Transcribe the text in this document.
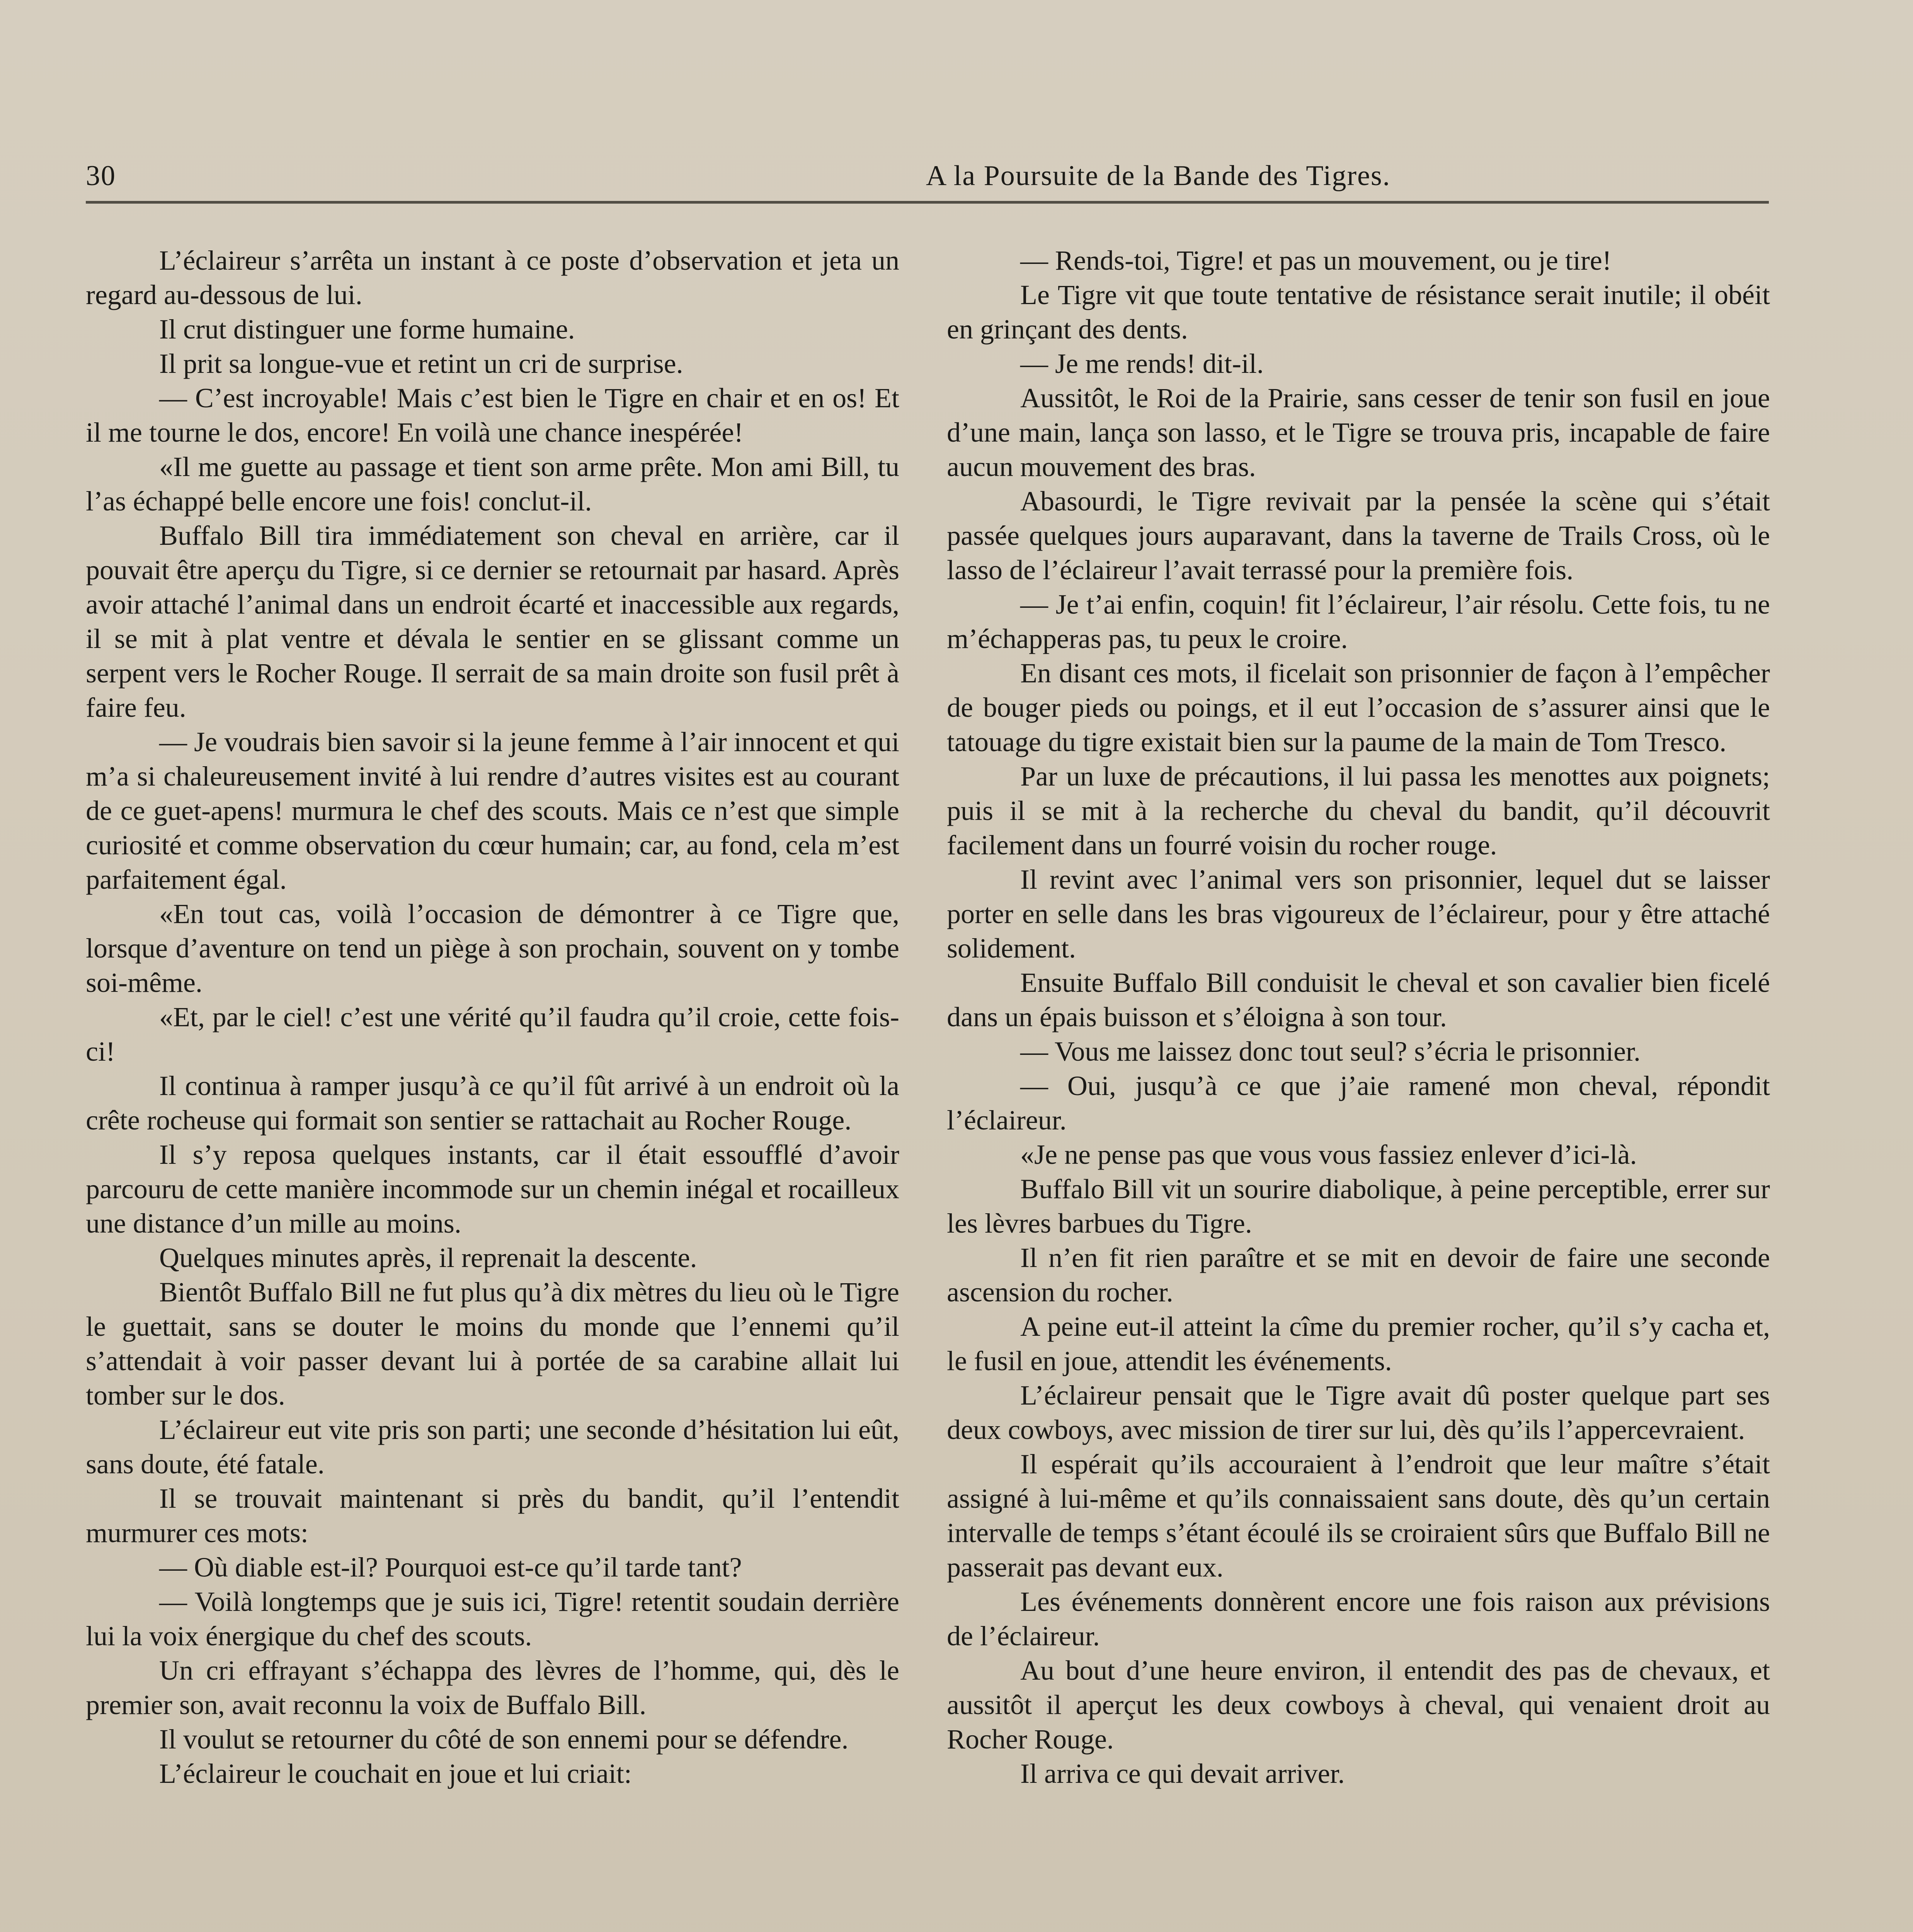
30	A la Poursuite de la Bande des Tigres.

L’éclaireur s’arrêta un instant à ce poste d’observation et jeta un regard au-dessous de lui.

Il crut distinguer une forme humaine.

Il prit sa longue-vue et retint un cri de surprise.

— C’est incroyable! Mais c’est bien le Tigre en chair et en os! Et il me tourne le dos, encore! En voilà une chance inespérée!

«Il me guette au passage et tient son arme prête. Mon ami Bill, tu l’as échappé belle encore une fois! conclut-il.

Buffalo Bill tira immédiatement son cheval en arrière, car il pouvait être aperçu du Tigre, si ce dernier se retournait par hasard. Après avoir attaché l’animal dans un endroit écarté et inaccessible aux regards, il se mit à plat ventre et dévala le sentier en se glissant comme un serpent vers le Rocher Rouge. Il serrait de sa main droite son fusil prêt à faire feu.

— Je voudrais bien savoir si la jeune femme à l’air innocent et qui m’a si chaleureusement invité à lui rendre d’autres visites est au courant de ce guet-apens! murmura le chef des scouts. Mais ce n’est que simple curiosité et comme observation du cœur humain; car, au fond, cela m’est parfaitement égal.

«En tout cas, voilà l’occasion de démontrer à ce Tigre que, lorsque d’aventure on tend un piège à son prochain, souvent on y tombe soi-même.

«Et, par le ciel! c’est une vérité qu’il faudra qu’il croie, cette fois-ci!

Il continua à ramper jusqu’à ce qu’il fût arrivé à un endroit où la crête rocheuse qui formait son sentier se rattachait au Rocher Rouge.

Il s’y reposa quelques instants, car il était essoufflé d’avoir parcouru de cette manière incommode sur un chemin inégal et rocailleux une distance d’un mille au moins.

Quelques minutes après, il reprenait la descente.

Bientôt Buffalo Bill ne fut plus qu’à dix mètres du lieu où le Tigre le guettait, sans se douter le moins du monde que l’ennemi qu’il s’attendait à voir passer devant lui à portée de sa carabine allait lui tomber sur le dos.

L’éclaireur eut vite pris son parti; une seconde d’hésitation lui eût, sans doute, été fatale.

Il se trouvait maintenant si près du bandit, qu’il l’entendit murmurer ces mots:

— Où diable est-il? Pourquoi est-ce qu’il tarde tant?

— Voilà longtemps que je suis ici, Tigre! retentit soudain derrière lui la voix énergique du chef des scouts.

Un cri effrayant s’échappa des lèvres de l’homme, qui, dès le premier son, avait reconnu la voix de Buffalo Bill.

Il voulut se retourner du côté de son ennemi pour se défendre.

L’éclaireur le couchait en joue et lui criait:

— Rends-toi, Tigre! et pas un mouvement, ou je tire!

Le Tigre vit que toute tentative de résistance serait inutile; il obéit en grinçant des dents.

— Je me rends! dit-il.

Aussitôt, le Roi de la Prairie, sans cesser de tenir son fusil en joue d’une main, lança son lasso, et le Tigre se trouva pris, incapable de faire aucun mouvement des bras.

Abasourdi, le Tigre revivait par la pensée la scène qui s’était passée quelques jours auparavant, dans la taverne de Trails Cross, où le lasso de l’éclaireur l’avait terrassé pour la première fois.

— Je t’ai enfin, coquin! fit l’éclaireur, l’air résolu. Cette fois, tu ne m’échapperas pas, tu peux le croire.

En disant ces mots, il ficelait son prisonnier de façon à l’empêcher de bouger pieds ou poings, et il eut l’occasion de s’assurer ainsi que le tatouage du tigre existait bien sur la paume de la main de Tom Tresco.

Par un luxe de précautions, il lui passa les menottes aux poignets; puis il se mit à la recherche du cheval du bandit, qu’il découvrit facilement dans un fourré voisin du rocher rouge.

Il revint avec l’animal vers son prisonnier, lequel dut se laisser porter en selle dans les bras vigoureux de l’éclaireur, pour y être attaché solidement.

Ensuite Buffalo Bill conduisit le cheval et son cavalier bien ficelé dans un épais buisson et s’éloigna à son tour.

— Vous me laissez donc tout seul? s’écria le prisonnier.

— Oui, jusqu’à ce que j’aie ramené mon cheval, répondit l’éclaireur.

«Je ne pense pas que vous vous fassiez enlever d’ici-là.

Buffalo Bill vit un sourire diabolique, à peine perceptible, errer sur les lèvres barbues du Tigre.

Il n’en fit rien paraître et se mit en devoir de faire une seconde ascension du rocher.

A peine eut-il atteint la cîme du premier rocher, qu’il s’y cacha et, le fusil en joue, attendit les événements.

L’éclaireur pensait que le Tigre avait dû poster quelque part ses deux cowboys, avec mission de tirer sur lui, dès qu’ils l’appercevraient.

Il espérait qu’ils accouraient à l’endroit que leur maître s’était assigné à lui-même et qu’ils connaissaient sans doute, dès qu’un certain intervalle de temps s’étant écoulé ils se croiraient sûrs que Buffalo Bill ne passerait pas devant eux.

Les événements donnèrent encore une fois raison aux prévisions de l’éclaireur.

Au bout d’une heure environ, il entendit des pas de chevaux, et aussitôt il aperçut les deux cowboys à cheval, qui venaient droit au Rocher Rouge.

Il arriva ce qui devait arriver.
